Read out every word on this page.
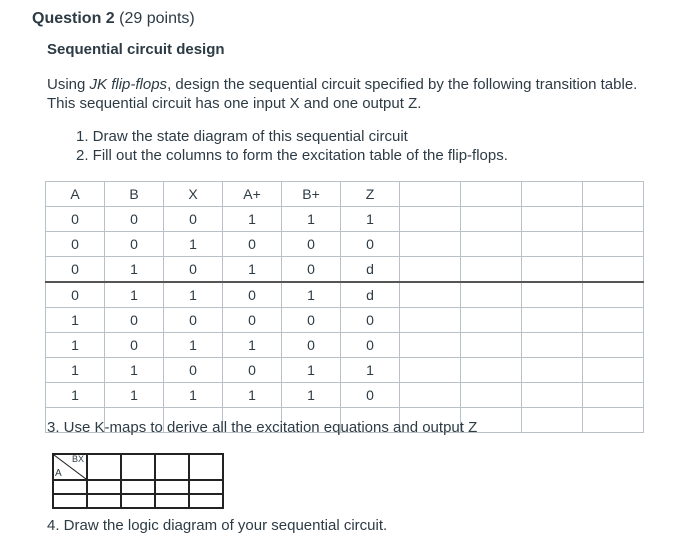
Question 2 (29 points)
Sequential circuit design
Using JK flip-flops, design the sequential circuit specified by the following transition table. This sequential circuit has one input X and one output Z.
1. Draw the state diagram of this sequential circuit
2. Fill out the columns to form the excitation table of the flip-flops.
A	B	X	A+	B+	Z				
0	0	0	1	1	1				
0	0	1	0	0	0				
0	1	0	1	0	d				
0	1	1	0	1	d				
1	0	0	0	0	0				
1	0	1	1	0	0				
1	1	0	0	1	1				
1	1	1	1	1	0				

3. Use K-maps to derive all the excitation equations and output Z
BX
A				

4. Draw the logic diagram of your sequential circuit.
